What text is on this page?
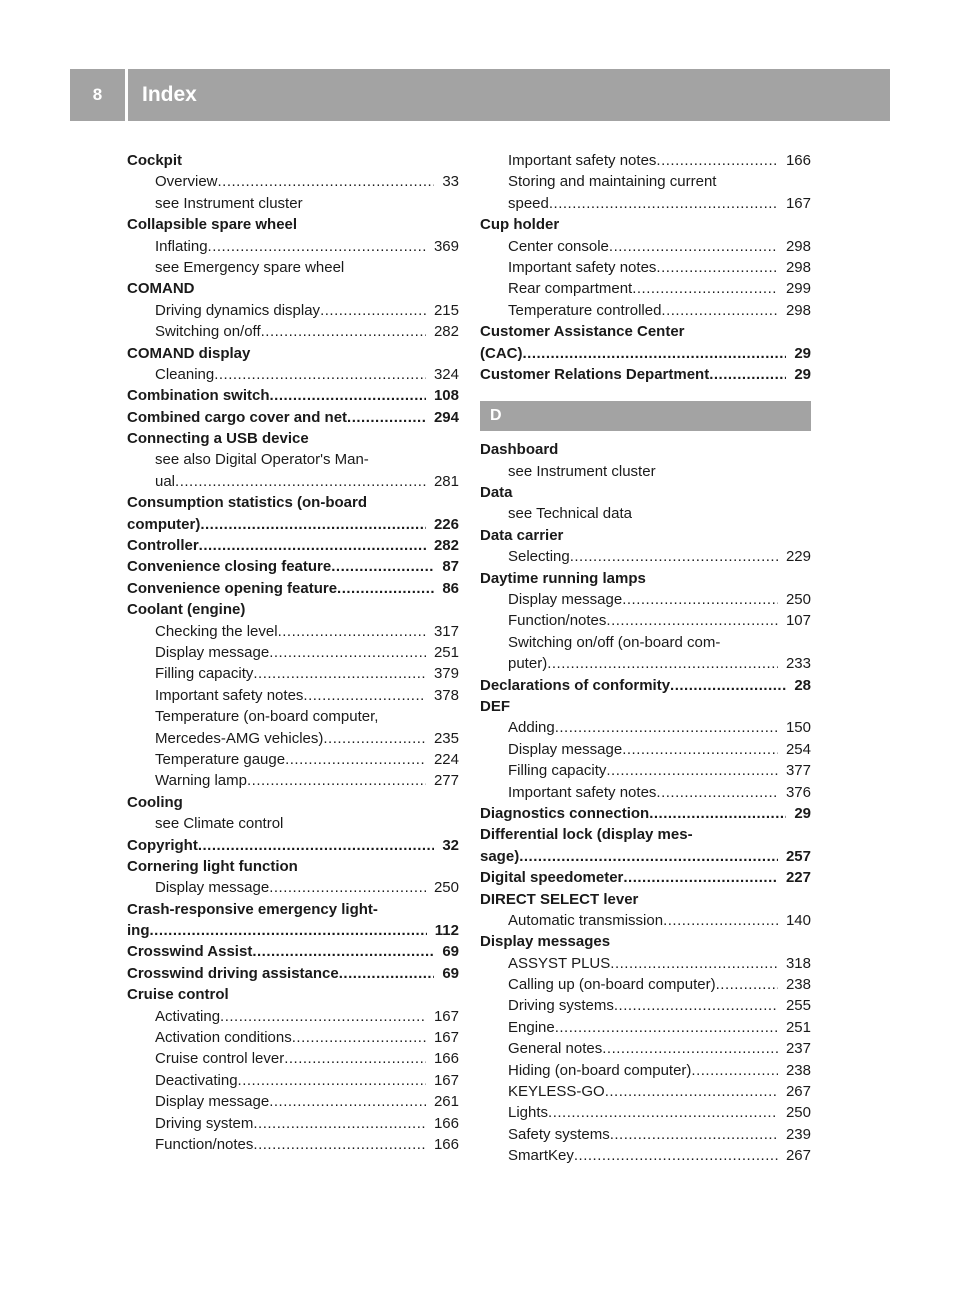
8	Index
Cockpit
Overview .....	33
see Instrument cluster
Collapsible spare wheel
Inflating .....	369
see Emergency spare wheel
COMAND
Driving dynamics display .....	215
Switching on/off .....	282
COMAND display
Cleaning .....	324
Combination switch .....	108
Combined cargo cover and net .....	294
Connecting a USB device
see also Digital Operator's Man-
ual .....	281
Consumption statistics (on-board
computer) .....	226
Controller .....	282
Convenience closing feature .....	87
Convenience opening feature .....	86
Coolant (engine)
Checking the level .....	317
Display message .....	251
Filling capacity .....	379
Important safety notes .....	378
Temperature (on-board computer,
Mercedes-AMG vehicles) .....	235
Temperature gauge .....	224
Warning lamp .....	277
Cooling
see Climate control
Copyright .....	32
Cornering light function
Display message .....	250
Crash-responsive emergency light-
ing .....	112
Crosswind Assist .....	69
Crosswind driving assistance .....	69
Cruise control
Activating .....	167
Activation conditions .....	167
Cruise control lever .....	166
Deactivating .....	167
Display message .....	261
Driving system .....	166
Function/notes .....	166
Important safety notes .....	166
Storing and maintaining current
speed .....	167
Cup holder
Center console .....	298
Important safety notes .....	298
Rear compartment .....	299
Temperature controlled .....	298
Customer Assistance Center
(CAC) .....	29
Customer Relations Department .....	29
D
Dashboard
see Instrument cluster
Data
see Technical data
Data carrier
Selecting .....	229
Daytime running lamps
Display message .....	250
Function/notes .....	107
Switching on/off (on-board com-
puter) .....	233
Declarations of conformity .....	28
DEF
Adding .....	150
Display message .....	254
Filling capacity .....	377
Important safety notes .....	376
Diagnostics connection .....	29
Differential lock (display mes-
sage) .....	257
Digital speedometer .....	227
DIRECT SELECT lever
Automatic transmission .....	140
Display messages
ASSYST PLUS .....	318
Calling up (on-board computer) .....	238
Driving systems .....	255
Engine .....	251
General notes .....	237
Hiding (on-board computer) .....	238
KEYLESS-GO .....	267
Lights .....	250
Safety systems .....	239
SmartKey .....	267
